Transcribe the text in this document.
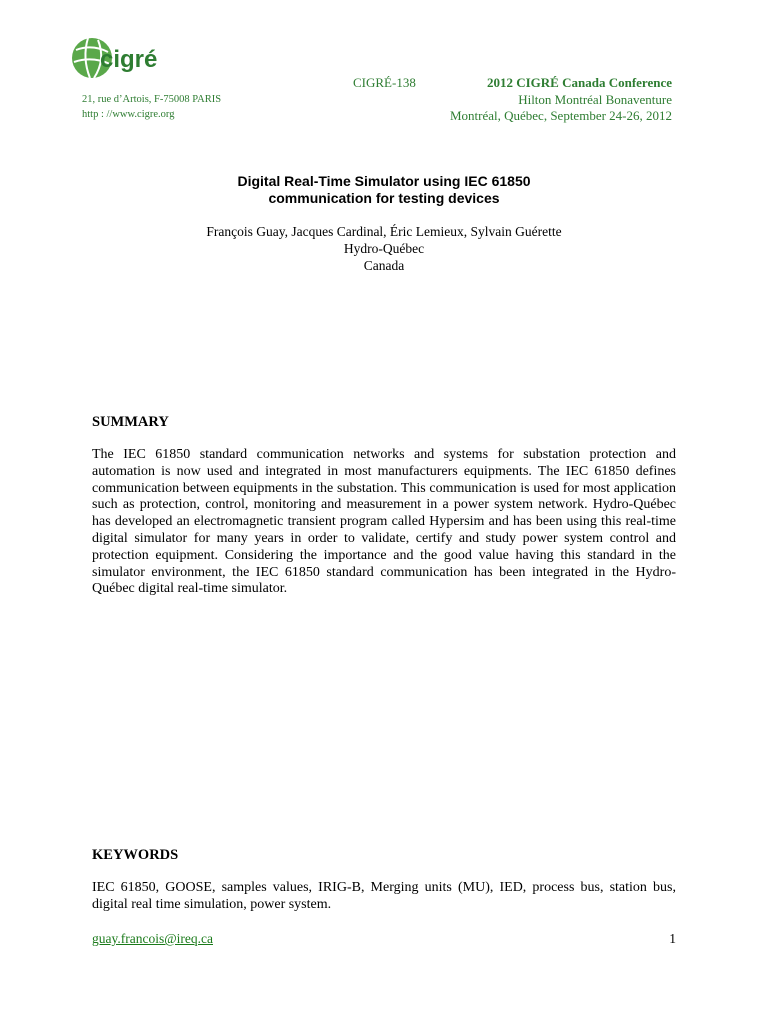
cigré
21, rue d’Artois, F-75008 PARIS
http : //www.cigre.org
CIGRÉ-138	2012 CIGRÉ Canada Conference
Hilton Montréal Bonaventure
Montréal, Québec, September 24-26, 2012
Digital Real-Time Simulator using IEC 61850
communication for testing devices
François Guay, Jacques Cardinal, Éric Lemieux, Sylvain Guérette
Hydro-Québec
Canada
SUMMARY
The IEC 61850 standard communication networks and systems for substation protection and automation is now used and integrated in most manufacturers equipments. The IEC 61850 defines communication between equipments in the substation. This communication is used for most application such as protection, control, monitoring and measurement in a power system network. Hydro-Québec has developed an electromagnetic transient program called Hypersim and has been using this real-time digital simulator for many years in order to validate, certify and study power system control and protection equipment. Considering the importance and the good value having this standard in the simulator environment, the IEC 61850 standard communication has been integrated in the Hydro-Québec digital real-time simulator.
KEYWORDS
IEC 61850, GOOSE, samples values, IRIG-B, Merging units (MU), IED, process bus, station bus, digital real time simulation, power system.
guay.francois@ireq.ca	1
